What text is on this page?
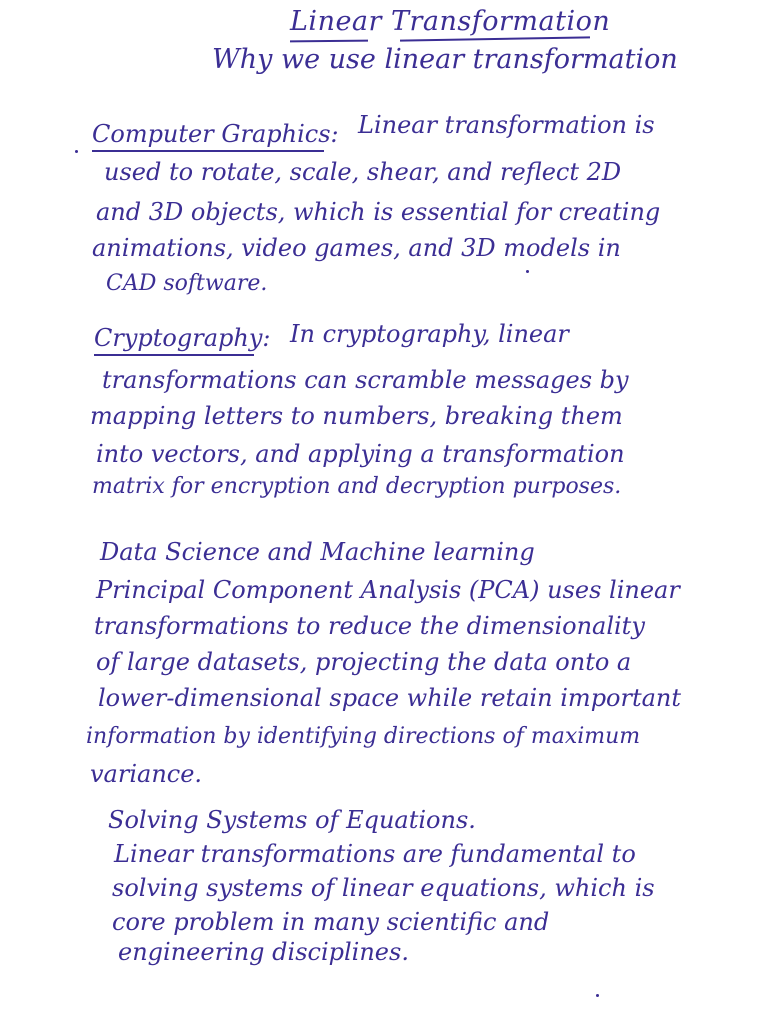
Linear Transformation
Why we use linear transformation
Computer Graphics: Linear transformation is
used to rotate, scale, shear, and reflect 2D
and 3D objects, which is essential for creating
animations, video games, and 3D models in
CAD software.
Cryptography: In cryptography, linear
transformations can scramble messages by
mapping letters to numbers, breaking them
into vectors, and applying a transformation
matrix for encryption and decryption purposes.
Data Science and Machine learning
Principal Component Analysis (PCA) uses linear
transformations to reduce the dimensionality
of large datasets, projecting the data onto a
lower-dimensional space while retain important
information by identifying directions of maximum
variance.
Solving Systems of Equations.
Linear transformations are fundamental to
solving systems of linear equations, which is
core problem in many scientific and
engineering disciplines.
